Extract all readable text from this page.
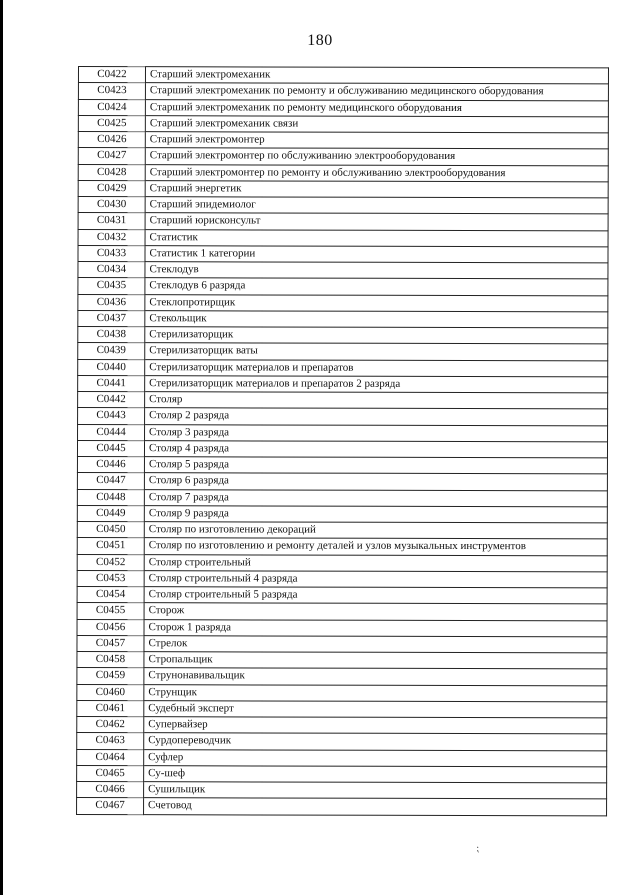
180
C0422	Старший электромеханик
C0423	Старший электромеханик по ремонту и обслуживанию медицинского оборудования
C0424	Старший электромеханик по ремонту медицинского оборудования
C0425	Старший электромеханик связи
C0426	Старший электромонтер
C0427	Старший электромонтер по обслуживанию электрооборудования
C0428	Старший электромонтер по ремонту и обслуживанию электрооборудования
C0429	Старший энергетик
C0430	Старший эпидемиолог
C0431	Старший юрисконсульт
C0432	Статистик
C0433	Статистик 1 категории
C0434	Стеклодув
C0435	Стеклодув 6 разряда
C0436	Стеклопротирщик
C0437	Стекольщик
C0438	Стерилизаторщик
C0439	Стерилизаторщик ваты
C0440	Стерилизаторщик материалов и препаратов
C0441	Стерилизаторщик материалов и препаратов 2 разряда
C0442	Столяр
C0443	Столяр 2 разряда
C0444	Столяр 3 разряда
C0445	Столяр 4 разряда
C0446	Столяр 5 разряда
C0447	Столяр 6 разряда
C0448	Столяр 7 разряда
C0449	Столяр 9 разряда
C0450	Столяр по изготовлению декораций
C0451	Столяр по изготовлению и ремонту деталей и узлов музыкальных инструментов
C0452	Столяр строительный
C0453	Столяр строительный 4 разряда
C0454	Столяр строительный 5 разряда
C0455	Сторож
C0456	Сторож 1 разряда
C0457	Стрелок
C0458	Стропальщик
C0459	Струнонавивальщик
C0460	Струнщик
C0461	Судебный эксперт
C0462	Супервайзер
C0463	Сурдопереводчик
C0464	Суфлер
C0465	Су-шеф
C0466	Сушильщик
C0467	Счетовод
⁏
